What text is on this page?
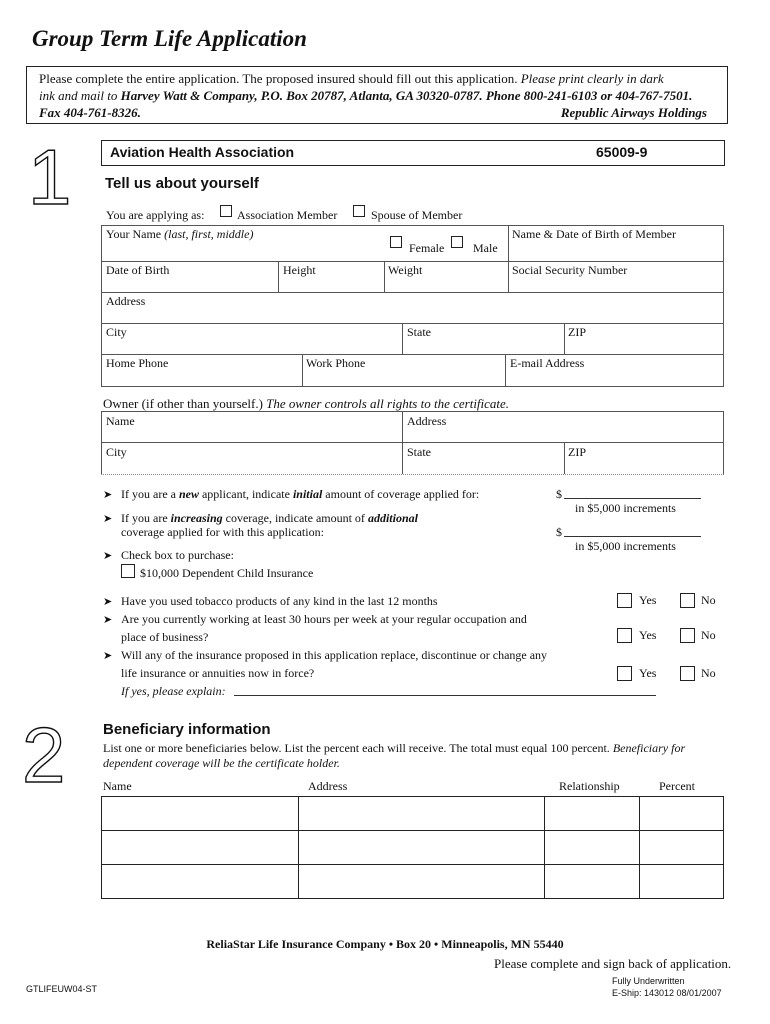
Group Term Life Application

Please complete the entire application. The proposed insured should fill out this application. Please print clearly in dark

ink and mail to Harvey Watt & Company, P.O. Box 20787, Atlanta, GA 30320-0787. Phone 800-241-6103 or 404-767-7501.

Fax 404-761-8326.	Republic Airways Holdings

1	Aviation Health Association	65009-9
Tell us about yourself
You are applying as:	Association Member	Spouse of Member
Your Name (last, first, middle)
Female Male
Name & Date of Birth of Member
Date of Birth	Height	Weight	Social Security Number
Address
City	State	ZIP
Home Phone	Work Phone	E-mail Address
Owner (if other than yourself.) The owner controls all rights to the certificate.
Name	Address
City	State	ZIP
➤ If you are a new applicant, indicate initial amount of coverage applied for:	$
in $5,000 increments
➤ If you are increasing coverage, indicate amount of additional
coverage applied for with this application:	$
in $5,000 increments
➤ Check box to purchase:
$10,000 Dependent Child Insurance
➤ Have you used tobacco products of any kind in the last 12 months	Yes	No
➤ Are you currently working at least 30 hours per week at your regular occupation and
place of business?	Yes	No
➤ Will any of the insurance proposed in this application replace, discontinue or change any
life insurance or annuities now in force?	Yes	No
If yes, please explain:
2	Beneficiary information
List one or more beneficiaries below. List the percent each will receive. The total must equal 100 percent. Beneficiary for
dependent coverage will be the certificate holder.
Name	Address	Relationship	Percent
ReliaStar Life Insurance Company • Box 20 • Minneapolis, MN 55440
Please complete and sign back of application.
GTLIFEUW04-ST
Fully Underwritten
E-Ship: 143012 08/01/2007
